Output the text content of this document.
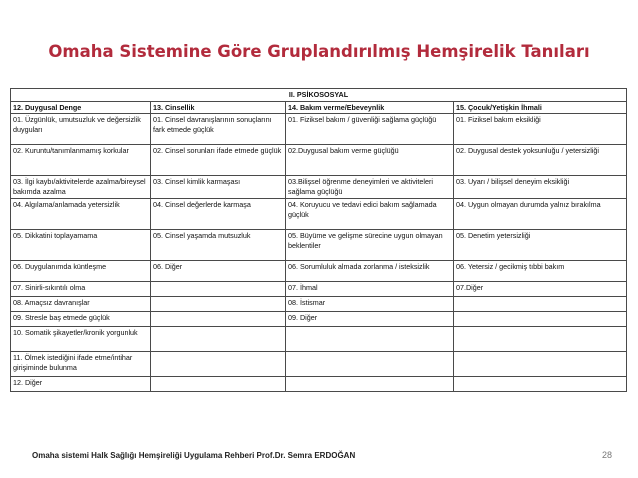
Omaha Sistemine Göre Gruplandırılmış Hemşirelik Tanıları
II. PSİKOSOSYAL			
12. Duygusal Denge	13. Cinsellik	14. Bakım verme/Ebeveynlik	15. Çocuk/Yetişkin İhmali
01. Üzgünlük, umutsuzluk ve değersizlik duyguları	01. Cinsel davranışlarının sonuçlarını fark etmede güçlük	01. Fiziksel bakım / güvenliği sağlama güçlüğü	01. Fiziksel bakım eksikliği
02. Kuruntu/tanımlanmamış korkular	02. Cinsel sorunları ifade etmede güçlük	02.Duygusal bakım verme güçlüğü	02. Duygusal destek yoksunluğu / yetersizliği
03. İlgi kaybı/aktivitelerde azalma/bireysel bakımda azalma	03. Cinsel kimlik karmaşası	03.Bilişsel öğrenme deneyimleri ve aktiviteleri sağlama güçlüğü	03. Uyarı / bilişsel deneyim eksikliği
04. Algılama/anlamada yetersizlik	04. Cinsel değerlerde karmaşa	04. Koruyucu ve tedavi edici bakım sağlamada güçlük	04. Uygun olmayan durumda yalnız bırakılma
05. Dikkatini toplayamama	05. Cinsel yaşamda mutsuzluk	05. Büyüme ve gelişme sürecine uygun olmayan beklentiler	05. Denetim yetersizliği
06. Duygulanımda küntleşme	06. Diğer	06. Sorumluluk almada zorlanma / isteksizlik	06. Yetersiz / gecikmiş tıbbi bakım
07. Sinirli-sıkıntılı olma		07. İhmal	07.Diğer
08. Amaçsız davranışlar		08. İstismar	
09. Stresle baş etmede güçlük		09. Diğer	
10. Somatik şikayetler/kronik yorgunluk			
11. Ölmek istediğini ifade etme/intihar girişiminde bulunma			
12. Diğer			
Omaha sistemi Halk Sağlığı Hemşireliği Uygulama Rehberi Prof.Dr. Semra ERDOĞAN	28
